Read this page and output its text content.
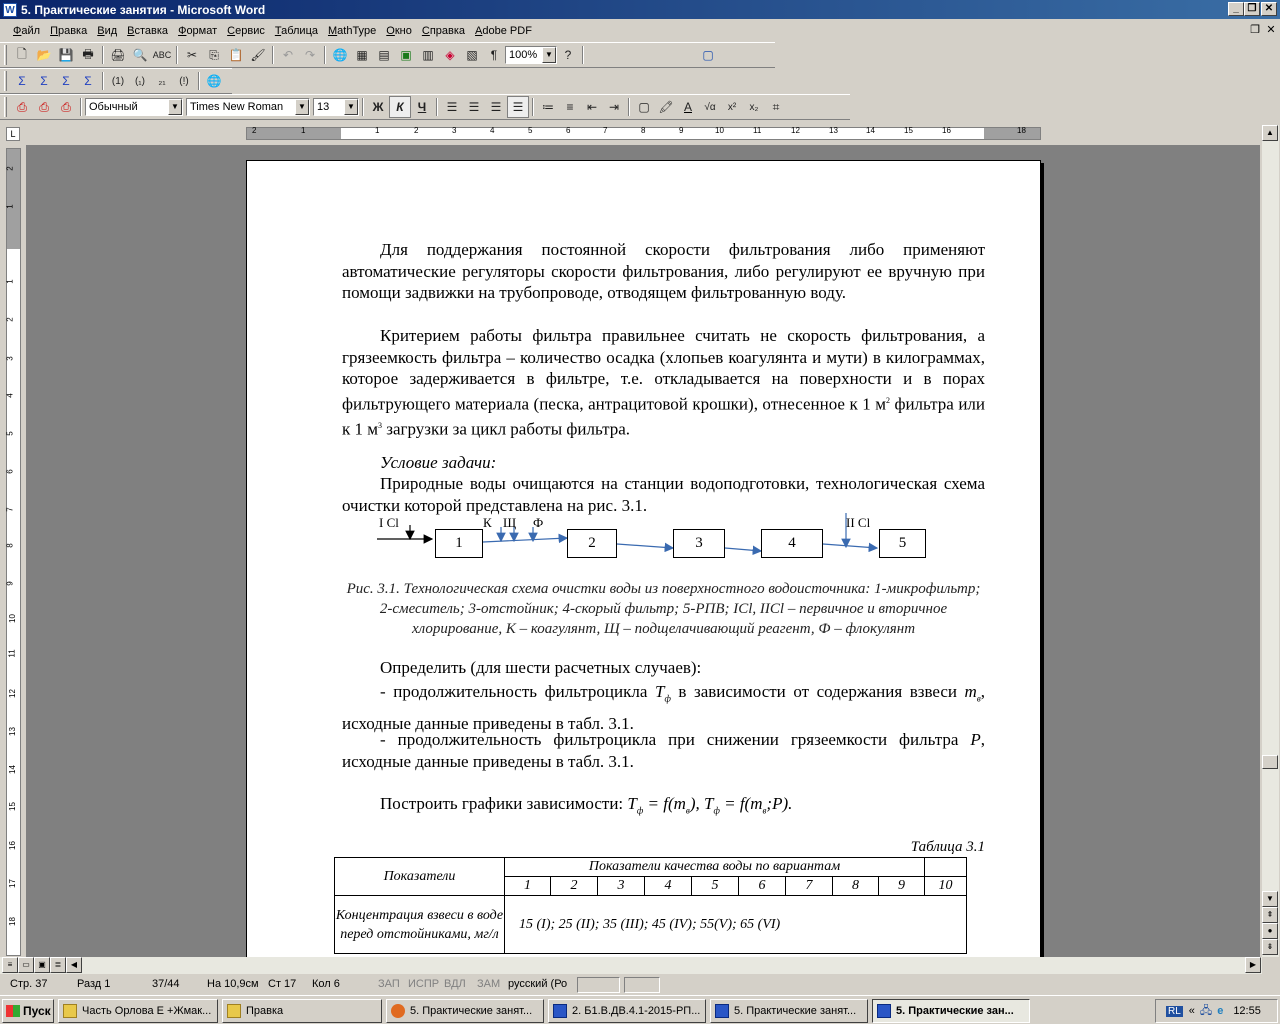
W 5. Практические занятия - Microsoft Word	_ ❐ ✕
Файл Правка Вид Вставка Формат Сервис Таблица MathType Окно Справка Adobe PDF	❐ ✕
🗋 📂 💾 🖶	🖨 🔍 ABC	✂	⎘ 📋 🖌	↶ ↷	🌐 ▦ ▤ ▣ ▥ ◈ ▧	¶	100% ▼ ?	▢
Σ	Σ	Σ	Σ	(1)	(₁)	₂₁	(!)	🌐
⎙	⎙	⎙	Обычный	▼ Times New Roman	▼ 13	▼	Ж	К	Ч	☰ ☰ ☰ ☰	≔	≡	⇤ ⇥	▢ 🖍 A	√α	x²	x₂	⌗
L	2	1	1	2	3	4	5	6	7	8	9	10	11	12	13	14	15	16	18
2
1
1
2
3
4
5
6
7
8
9
10
11
12
13
14
15
16
17
18
Для поддержания постоянной скорости фильтрования либо применяют автоматические регуляторы скорости фильтрования, либо регулируют ее вручную при помощи задвижки на трубопроводе, отводящем фильтрованную воду.
Критерием работы фильтра правильнее считать не скорость фильтрования, а грязеемкость фильтра – количество осадка (хлопьев коагулянта и мути) в килограммах, которое задерживается в фильтре, т.е. откладывается на поверхности и в порах фильтрующего материала (песка, антрацитовой крошки), отнесенное к 1 $м^2$ фильтра или к 1 $м^3$ загрузки за цикл работы фильтра.
Условие задачи:
Природные воды очищаются на станции водоподготовки, технологическая схема очистки которой представлена на рис. 3.1.
I Cl	К Щ Ф	II Cl
1	2	3	4	5
Рис. 3.1. Технологическая схема очистки воды из поверхностного водоисточника: 1-микрофильтр; 2-смеситель; 3-отстойник; 4-скорый фильтр; 5-РПВ; ICl, IICl – первичное и вторичное хлорирование, К – коагулянт, Щ – подщелачивающий реагент, Ф – флокулянт
Определить (для шести расчетных случаев):
- продолжительность фильтроцикла $T_ф$ в зависимости от содержания взвеси $m_в$, исходные данные приведены в табл. 3.1.
- продолжительность фильтроцикла при снижении грязеемкости фильтра P, исходные данные приведены в табл. 3.1.
Построить графики зависимости: $T_ф = f(m_в)$, $T_ф$ = $f(m_в;P)$.
Таблица 3.1
Показатели	Показатели качества воды по вариантам									
	1	2	3	4	5	6	7	8	9	10
Концентрация взвеси в воде перед отстойниками, мг/л	15 (I); 25 (II); 35 (III); 45 (IV); 55(V); 65 (VI)									
▲
▼
⇞
●
⇟
≡	▭	▣	≣	◀	▶
Стр. 37	Разд 1	37/44 На 10,9см Ст 17 Кол 6	ЗАП ИСПР ВДЛ ЗАМ русский (Ро
Пуск	Часть Орлова Е +Жмак...	Правка	5. Практические занят...	2. Б1.В.ДВ.4.1-2015-РП...	5. Практические занят...	5. Практические зан...	RL « 🖧 e 12:55
